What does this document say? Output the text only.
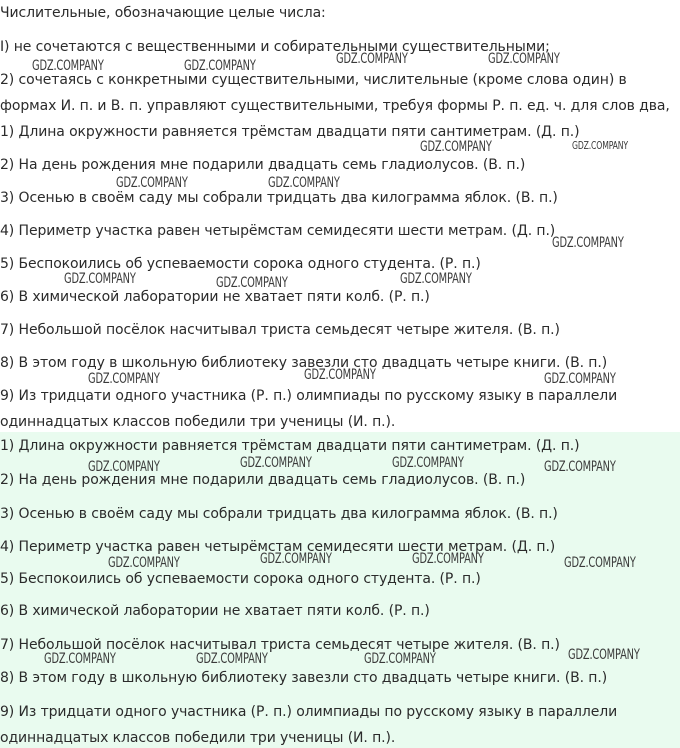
Числительные, обозначающие целые числа:
I) не сочетаются с вещественными и собирательными существительными;
2) сочетаясь с конкретными существительными, числительные (кроме слова один) в
формах И. п. и В. п. управляют существительными, требуя формы Р. п. ед. ч. для слов два,
1) Длина окружности равняется трёмстам двадцати пяти сантиметрам. (Д. п.)
2) На день рождения мне подарили двадцать семь гладиолусов. (В. п.)
3) Осенью в своём саду мы собрали тридцать два килограмма яблок. (В. п.)
4) Периметр участка равен четырёмстам семидесяти шести метрам. (Д. п.)
5) Беспокоились об успеваемости сорока одного студента. (Р. п.)
6) В химической лаборатории не хватает пяти колб. (Р. п.)
7) Небольшой посёлок насчитывал триста семьдесят четыре жителя. (В. п.)
8) В этом году в школьную библиотеку завезли сто двадцать четыре книги. (В. п.)
9) Из тридцати одного участника (Р. п.) олимпиады по русскому языку в параллели
одиннадцатых классов победили три ученицы (И. п.).
1) Длина окружности равняется трёмстам двадцати пяти сантиметрам. (Д. п.)
2) На день рождения мне подарили двадцать семь гладиолусов. (В. п.)
3) Осенью в своём саду мы собрали тридцать два килограмма яблок. (В. п.)
4) Периметр участка равен четырёмстам семидесяти шести метрам. (Д. п.)
5) Беспокоились об успеваемости сорока одного студента. (Р. п.)
6) В химической лаборатории не хватает пяти колб. (Р. п.)
7) Небольшой посёлок насчитывал триста семьдесят четыре жителя. (В. п.)
8) В этом году в школьную библиотеку завезли сто двадцать четыре книги. (В. п.)
9) Из тридцати одного участника (Р. п.) олимпиады по русскому языку в параллели
одиннадцатых классов победили три ученицы (И. п.).
GDZ.COMPANY	GDZ.COMPANY	GDZ.COMPANY	GDZ.COMPANY
GDZ.COMPANY	GDZ.COMPANY
GDZ.COMPANY	GDZ.COMPANY
GDZ.COMPANY
GDZ.COMPANY	GDZ.COMPANY	GDZ.COMPANY
GDZ.COMPANY	GDZ.COMPANY	GDZ.COMPANY
GDZ.COMPANY	GDZ.COMPANY	GDZ.COMPANY	GDZ.COMPANY
GDZ.COMPANY	GDZ.COMPANY	GDZ.COMPANY	GDZ.COMPANY
GDZ.COMPANY	GDZ.COMPANY	GDZ.COMPANY	GDZ.COMPANY
